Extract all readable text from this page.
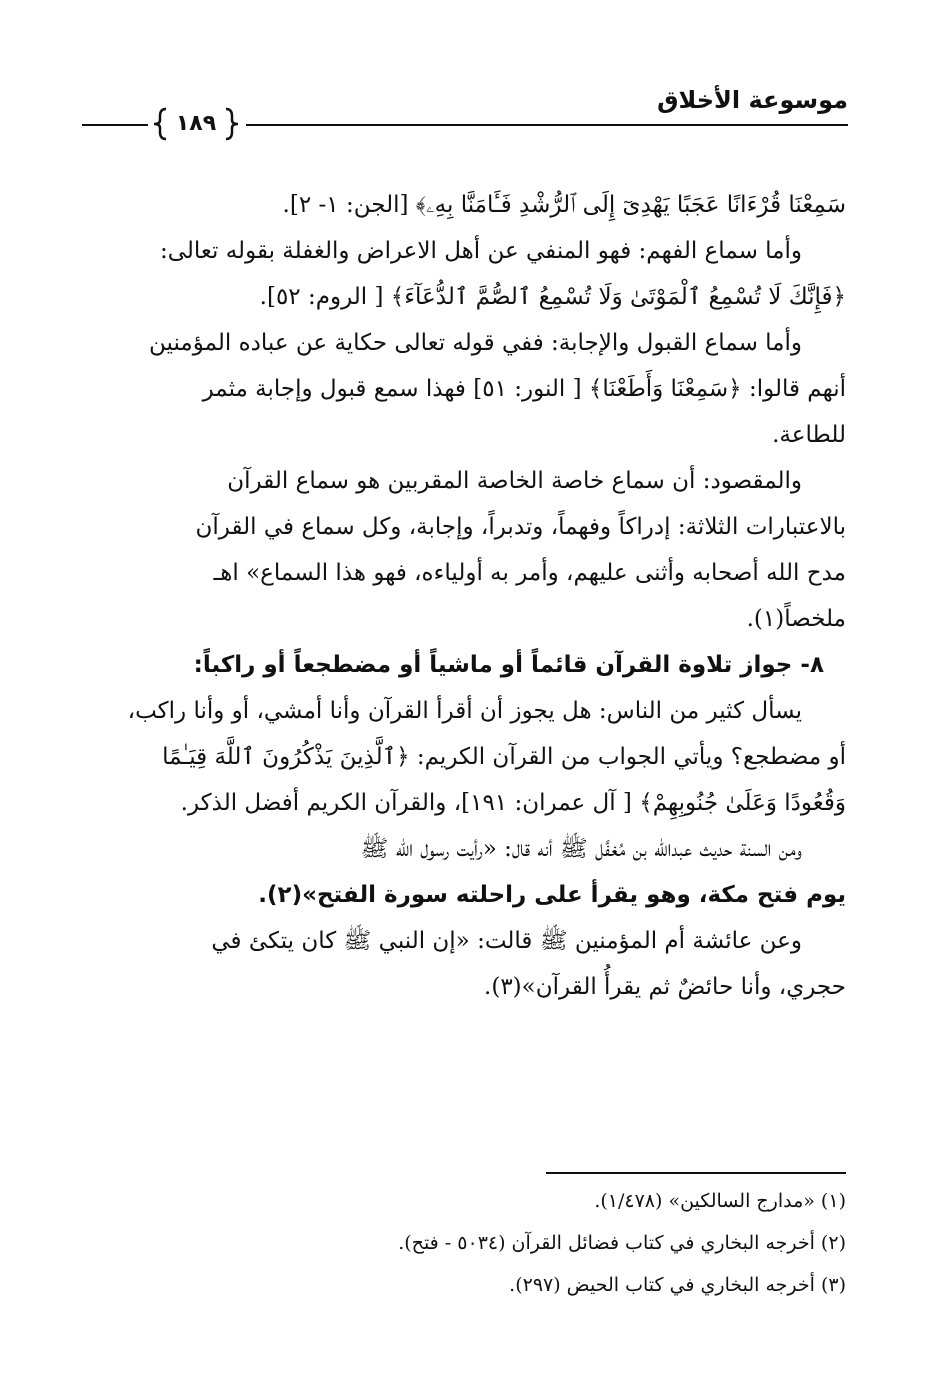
موسوعة الأخلاق
١٨٩
سَمِعْنَا قُرْءَانًا عَجَبًا يَهْدِىٓ إِلَى ٱلرُّشْدِ فَـَٔامَنَّا بِهِۦ﴾ [الجن: ١- ٢].
وأما سماع الفهم: فهو المنفي عن أهل الاعراض والغفلة بقوله تعالى:
﴿فَإِنَّكَ لَا تُسْمِعُ ٱلْمَوْتَىٰ وَلَا تُسْمِعُ ٱلصُّمَّ ٱلدُّعَآءَ﴾ [ الروم: ٥٢].
وأما سماع القبول والإجابة: ففي قوله تعالى حكاية عن عباده المؤمنين
أنهم قالوا: ﴿سَمِعْنَا وَأَطَعْنَا﴾ [ النور: ٥١] فهذا سمع قبول وإجابة مثمر
للطاعة.
والمقصود: أن سماع خاصة الخاصة المقربين هو سماع القرآن
بالاعتبارات الثلاثة: إدراكاً وفهماً، وتدبراً، وإجابة، وكل سماع في القرآن
مدح الله أصحابه وأثنى عليهم، وأمر به أولياءه، فهو هذا السماع» اهـ
ملخصاً(١).
٨- جواز تلاوة القرآن قائماً أو ماشياً أو مضطجعاً أو راكباً:
يسأل كثير من الناس: هل يجوز أن أقرأ القرآن وأنا أمشي، أو وأنا راكب،
أو مضطجع؟ ويأتي الجواب من القرآن الكريم: ﴿ٱلَّذِينَ يَذْكُرُونَ ٱللَّهَ قِيَـٰمًا
وَقُعُودًا وَعَلَىٰ جُنُوبِهِمْ﴾ [ آل عمران: ١٩١]، والقرآن الكريم أفضل الذكر.
ومن السنة حديث عبدالله بن مُغفَّل ﷺ أنه قال: «رأيت رسول الله ﷺ
يوم فتح مكة، وهو يقرأ على راحلته سورة الفتح»(٢).
وعن عائشة أم المؤمنين ﷺ قالت: «إن النبي ﷺ كان يتكئ في
حجري، وأنا حائضٌ ثم يقرأُ القرآن»(٣).
(١) «مدارج السالكين» (١/٤٧٨).
(٢) أخرجه البخاري في كتاب فضائل القرآن (٥٠٣٤ - فتح).
(٣) أخرجه البخاري في كتاب الحيض (٢٩٧).
